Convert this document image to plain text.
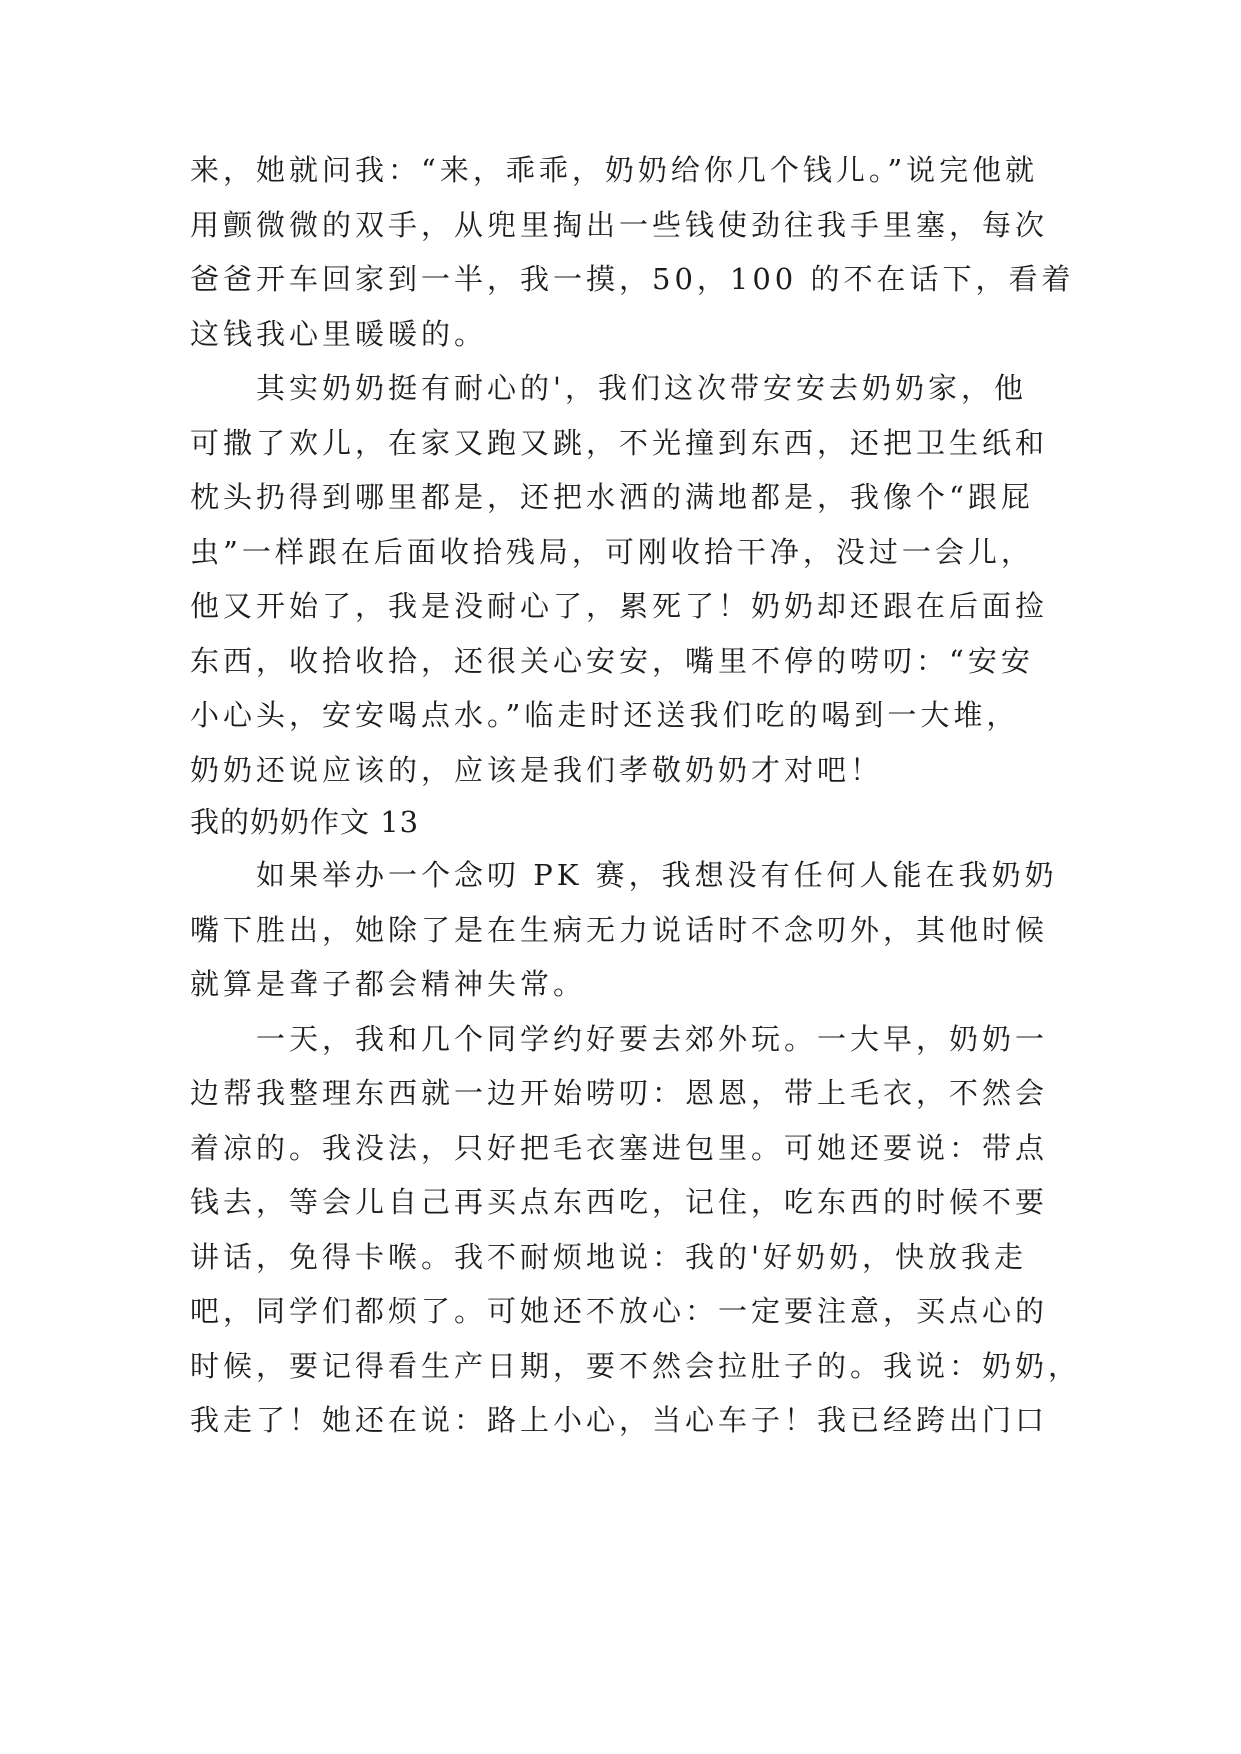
来，她就问我：“来，乖乖，奶奶给你几个钱儿。”说完他就
用颤微微的双手，从兜里掏出一些钱使劲往我手里塞，每次
爸爸开车回家到一半，我一摸，50，100 的不在话下，看着
这钱我心里暖暖的。
　　其实奶奶挺有耐心的'，我们这次带安安去奶奶家，他
可撒了欢儿，在家又跑又跳，不光撞到东西，还把卫生纸和
枕头扔得到哪里都是，还把水洒的满地都是，我像个“跟屁
虫”一样跟在后面收拾残局，可刚收拾干净，没过一会儿，
他又开始了，我是没耐心了，累死了！奶奶却还跟在后面捡
东西，收拾收拾，还很关心安安，嘴里不停的唠叨：“安安
小心头，安安喝点水。”临走时还送我们吃的喝到一大堆，
奶奶还说应该的，应该是我们孝敬奶奶才对吧！
我的奶奶作文 13
　　如果举办一个念叨 PK 赛，我想没有任何人能在我奶奶
嘴下胜出，她除了是在生病无力说话时不念叨外，其他时候
就算是聋子都会精神失常。
　　一天，我和几个同学约好要去郊外玩。一大早，奶奶一
边帮我整理东西就一边开始唠叨：恩恩，带上毛衣，不然会
着凉的。我没法，只好把毛衣塞进包里。可她还要说：带点
钱去，等会儿自己再买点东西吃，记住，吃东西的时候不要
讲话，免得卡喉。我不耐烦地说：我的'好奶奶，快放我走
吧，同学们都烦了。可她还不放心：一定要注意，买点心的
时候，要记得看生产日期，要不然会拉肚子的。我说：奶奶，
我走了！她还在说：路上小心，当心车子！我已经跨出门口
